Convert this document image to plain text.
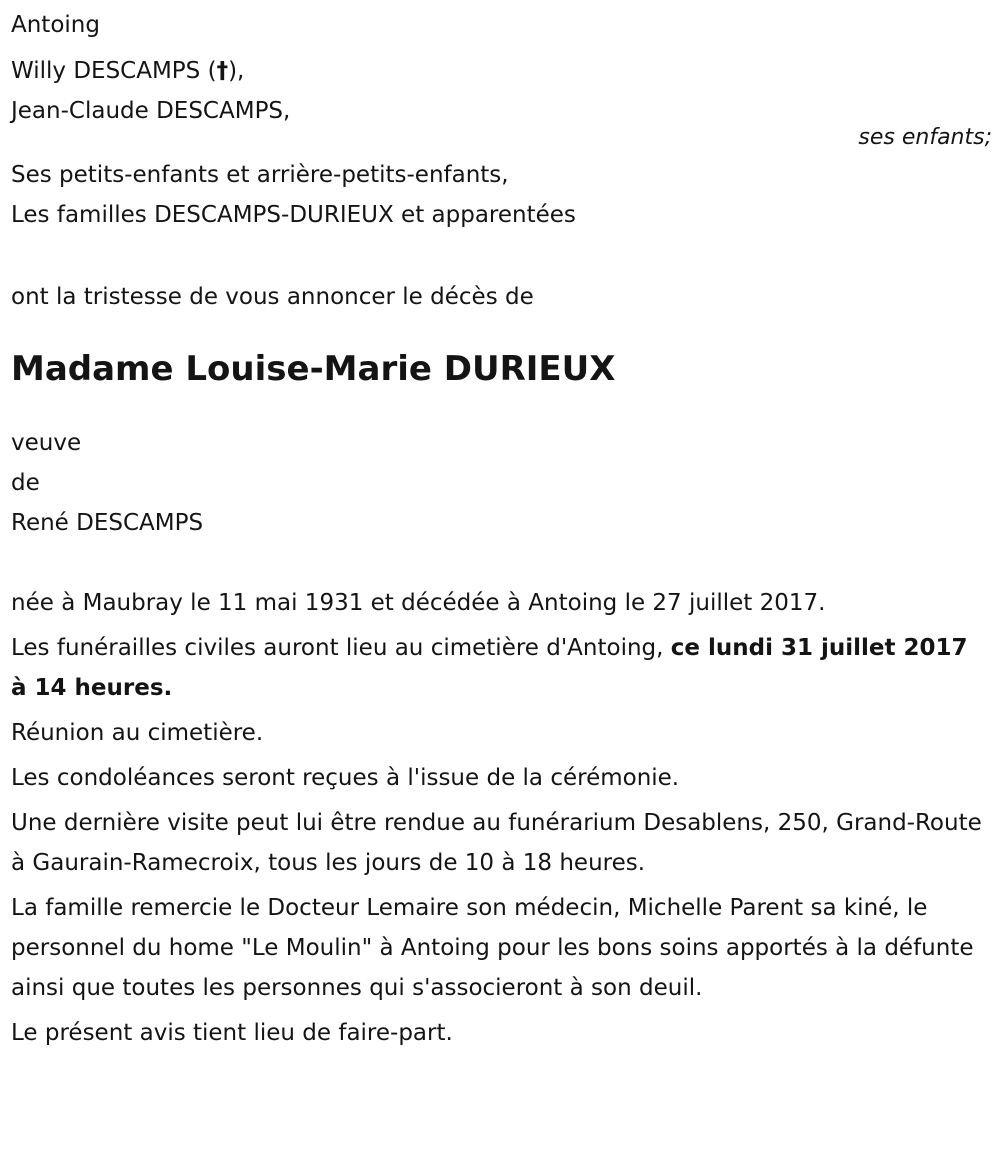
Antoing
Willy DESCAMPS (†),
Jean-Claude DESCAMPS,
Ses petits-enfants et arrière-petits-enfants,
Les familles DESCAMPS-DURIEUX et apparentées
ont la tristesse de vous annoncer le décès de
Madame Louise-Marie DURIEUX
veuve
de
René DESCAMPS
née à Maubray le 11 mai 1931 et décédée à Antoing le 27 juillet 2017.
Les funérailles civiles auront lieu au cimetière d'Antoing, ce lundi 31 juillet 2017 à 14 heures.
Réunion au cimetière.
Les condoléances seront reçues à l'issue de la cérémonie.
Une dernière visite peut lui être rendue au funérarium Desablens, 250, Grand-Route à Gaurain-Ramecroix, tous les jours de 10 à 18 heures.
La famille remercie le Docteur Lemaire son médecin, Michelle Parent sa kiné, le personnel du home "Le Moulin" à Antoing pour les bons soins apportés à la défunte ainsi que toutes les personnes qui s'associeront à son deuil.
Le présent avis tient lieu de faire-part.
ses enfants;
